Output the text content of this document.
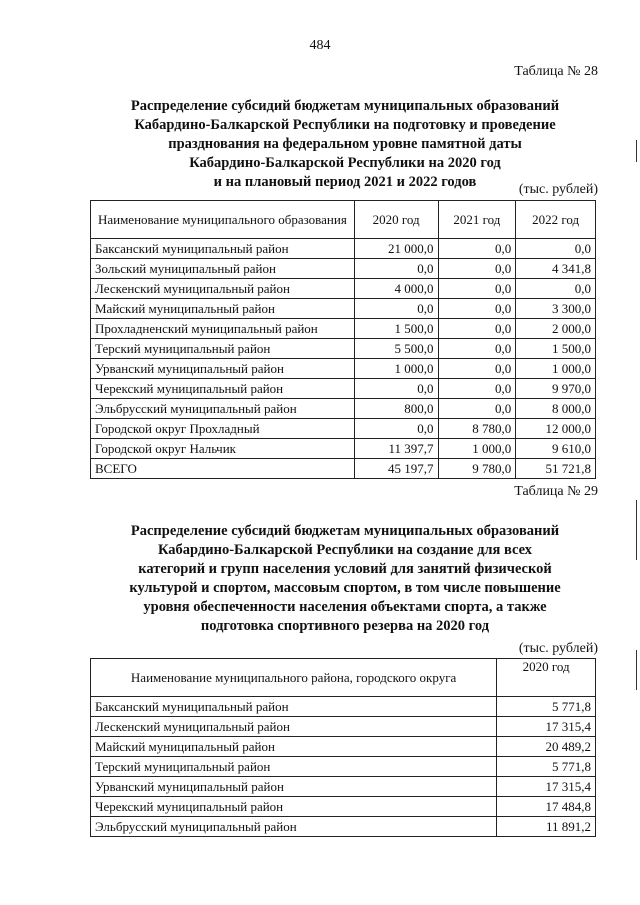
484
Таблица № 28
Распределение субсидий бюджетам муниципальных образований
Кабардино-Балкарской Республики на подготовку и проведение
празднования на федеральном уровне памятной даты
Кабардино-Балкарской Республики на 2020 год
и на плановый период 2021 и 2022 годов	(тыс. рублей)
Наименование муниципального образования	2020 год	2021 год	2022 год
Баксанский муниципальный район	21 000,0	0,0	0,0
Зольский муниципальный район	0,0	0,0	4 341,8
Лескенский муниципальный район	4 000,0	0,0	0,0
Майский муниципальный район	0,0	0,0	3 300,0
Прохладненский муниципальный район	1 500,0	0,0	2 000,0
Терский муниципальный район	5 500,0	0,0	1 500,0
Урванский муниципальный район	1 000,0	0,0	1 000,0
Черекский муниципальный район	0,0	0,0	9 970,0
Эльбрусский муниципальный район	800,0	0,0	8 000,0
Городской округ Прохладный	0,0	8 780,0	12 000,0
Городской округ Нальчик	11 397,7	1 000,0	9 610,0
ВСЕГО	45 197,7	9 780,0	51 721,8
Таблица № 29
Распределение субсидий бюджетам муниципальных образований
Кабардино-Балкарской Республики на создание для всех
категорий и групп населения условий для занятий физической
культурой и спортом, массовым спортом, в том числе повышение
уровня обеспеченности населения объектами спорта, а также
подготовка спортивного резерва на 2020 год
(тыс. рублей)
Наименование муниципального района, городского округа	2020 год
Баксанский муниципальный район	5 771,8
Лескенский муниципальный район	17 315,4
Майский муниципальный район	20 489,2
Терский муниципальный район	5 771,8
Урванский муниципальный район	17 315,4
Черекский муниципальный район	17 484,8
Эльбрусский муниципальный район	11 891,2
